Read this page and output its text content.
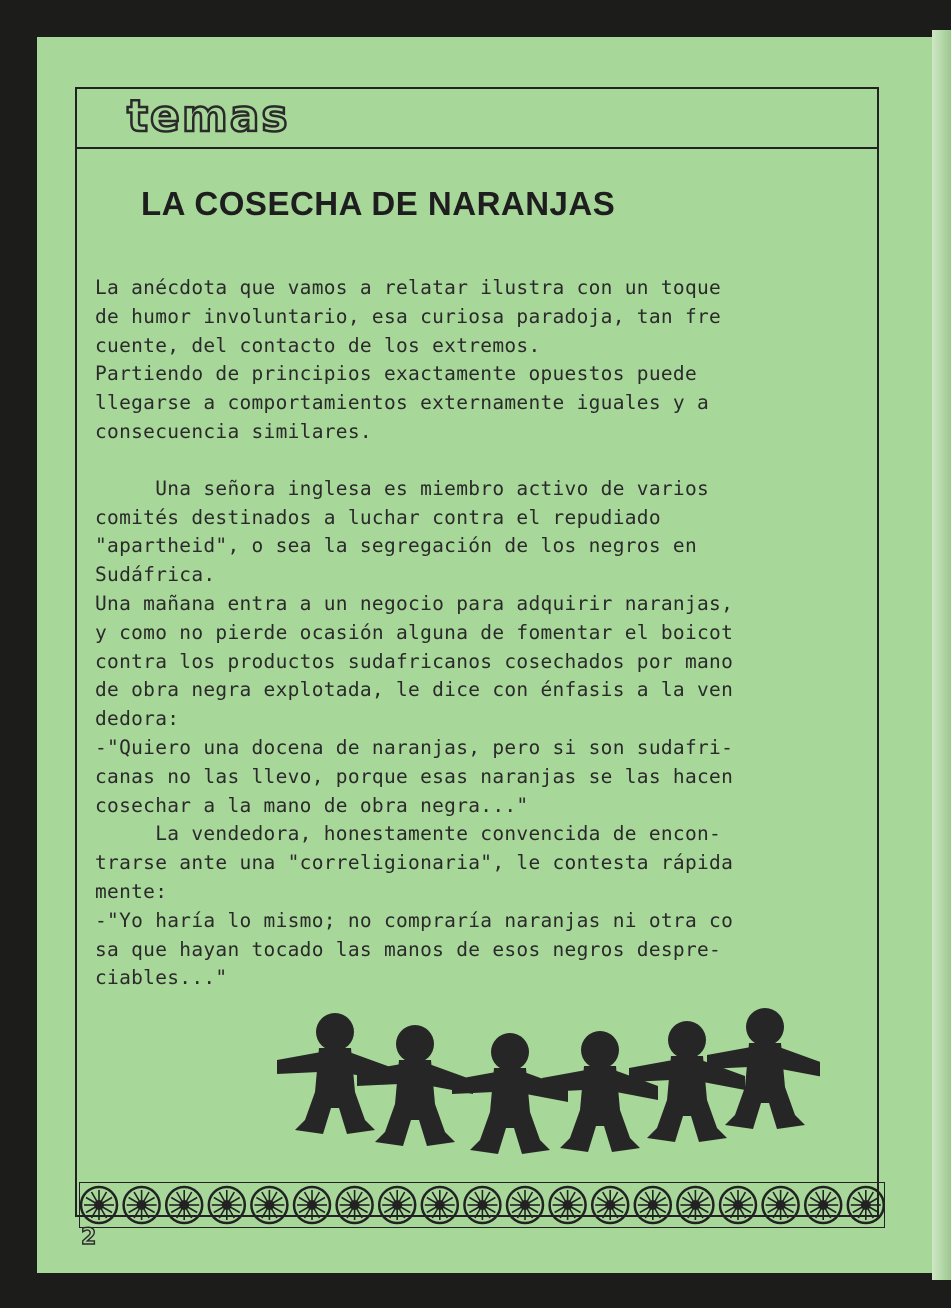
temas
LA COSECHA DE NARANJAS

La anécdota que vamos a relatar ilustra con un toque

de humor involuntario, esa curiosa paradoja, tan fre

cuente, del contacto de los extremos.

Partiendo de principios exactamente opuestos puede

llegarse a comportamientos externamente iguales y a

consecuencia similares.

Una señora inglesa es miembro activo de varios

comités destinados a luchar contra el repudiado

"apartheid", o sea la segregación de los negros en

Sudáfrica.

Una mañana entra a un negocio para adquirir naranjas,

y como no pierde ocasión alguna de fomentar el boicot

contra los productos sudafricanos cosechados por mano

de obra negra explotada, le dice con énfasis a la ven

dedora:

-"Quiero una docena de naranjas, pero si son sudafri-

canas no las llevo, porque esas naranjas se las hacen

cosechar a la mano de obra negra..."

La vendedora, honestamente convencida de encon-

trarse ante una "correligionaria", le contesta rápida

mente:

-"Yo haría lo mismo; no compraría naranjas ni otra co

sa que hayan tocado las manos de esos negros despre-

ciables..."

2
